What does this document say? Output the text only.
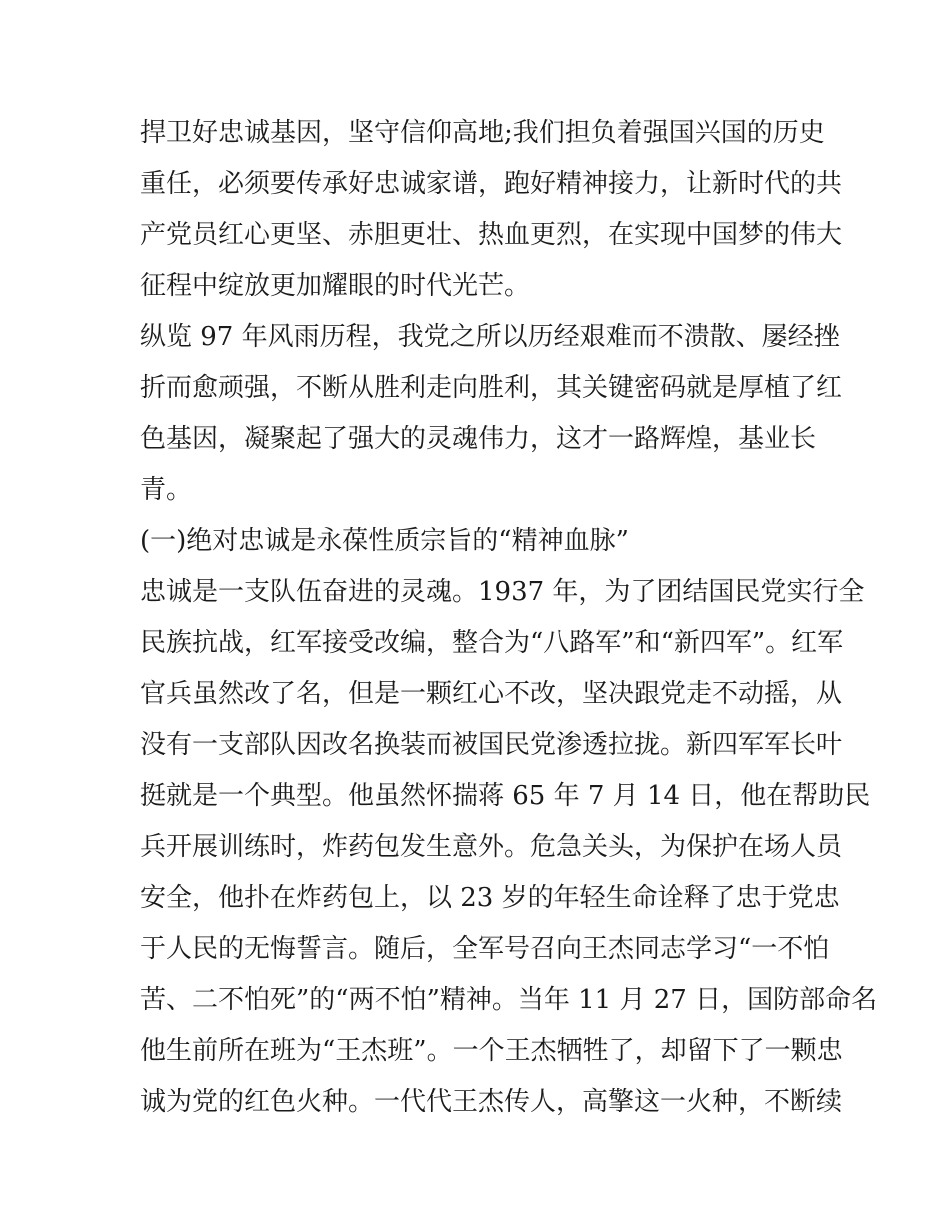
捍卫好忠诚基因，坚守信仰高地;我们担负着强国兴国的历史
重任，必须要传承好忠诚家谱，跑好精神接力，让新时代的共
产党员红心更坚、赤胆更壮、热血更烈，在实现中国梦的伟大
征程中绽放更加耀眼的时代光芒。
纵览 97 年风雨历程，我党之所以历经艰难而不溃散、屡经挫
折而愈顽强，不断从胜利走向胜利，其关键密码就是厚植了红
色基因，凝聚起了强大的灵魂伟力，这才一路辉煌，基业长
青。
(一)绝对忠诚是永葆性质宗旨的“精神血脉”
忠诚是一支队伍奋进的灵魂。1937 年，为了团结国民党实行全
民族抗战，红军接受改编，整合为“八路军”和“新四军”。红军
官兵虽然改了名，但是一颗红心不改，坚决跟党走不动摇，从
没有一支部队因改名换装而被国民党渗透拉拢。新四军军长叶
挺就是一个典型。他虽然怀揣蒋 65 年 7 月 14 日，他在帮助民
兵开展训练时，炸药包发生意外。危急关头，为保护在场人员
安全，他扑在炸药包上，以 23 岁的年轻生命诠释了忠于党忠
于人民的无悔誓言。随后，全军号召向王杰同志学习“一不怕
苦、二不怕死”的“两不怕”精神。当年 11 月 27 日，国防部命名
他生前所在班为“王杰班”。一个王杰牺牲了，却留下了一颗忠
诚为党的红色火种。一代代王杰传人，高擎这一火种，不断续
